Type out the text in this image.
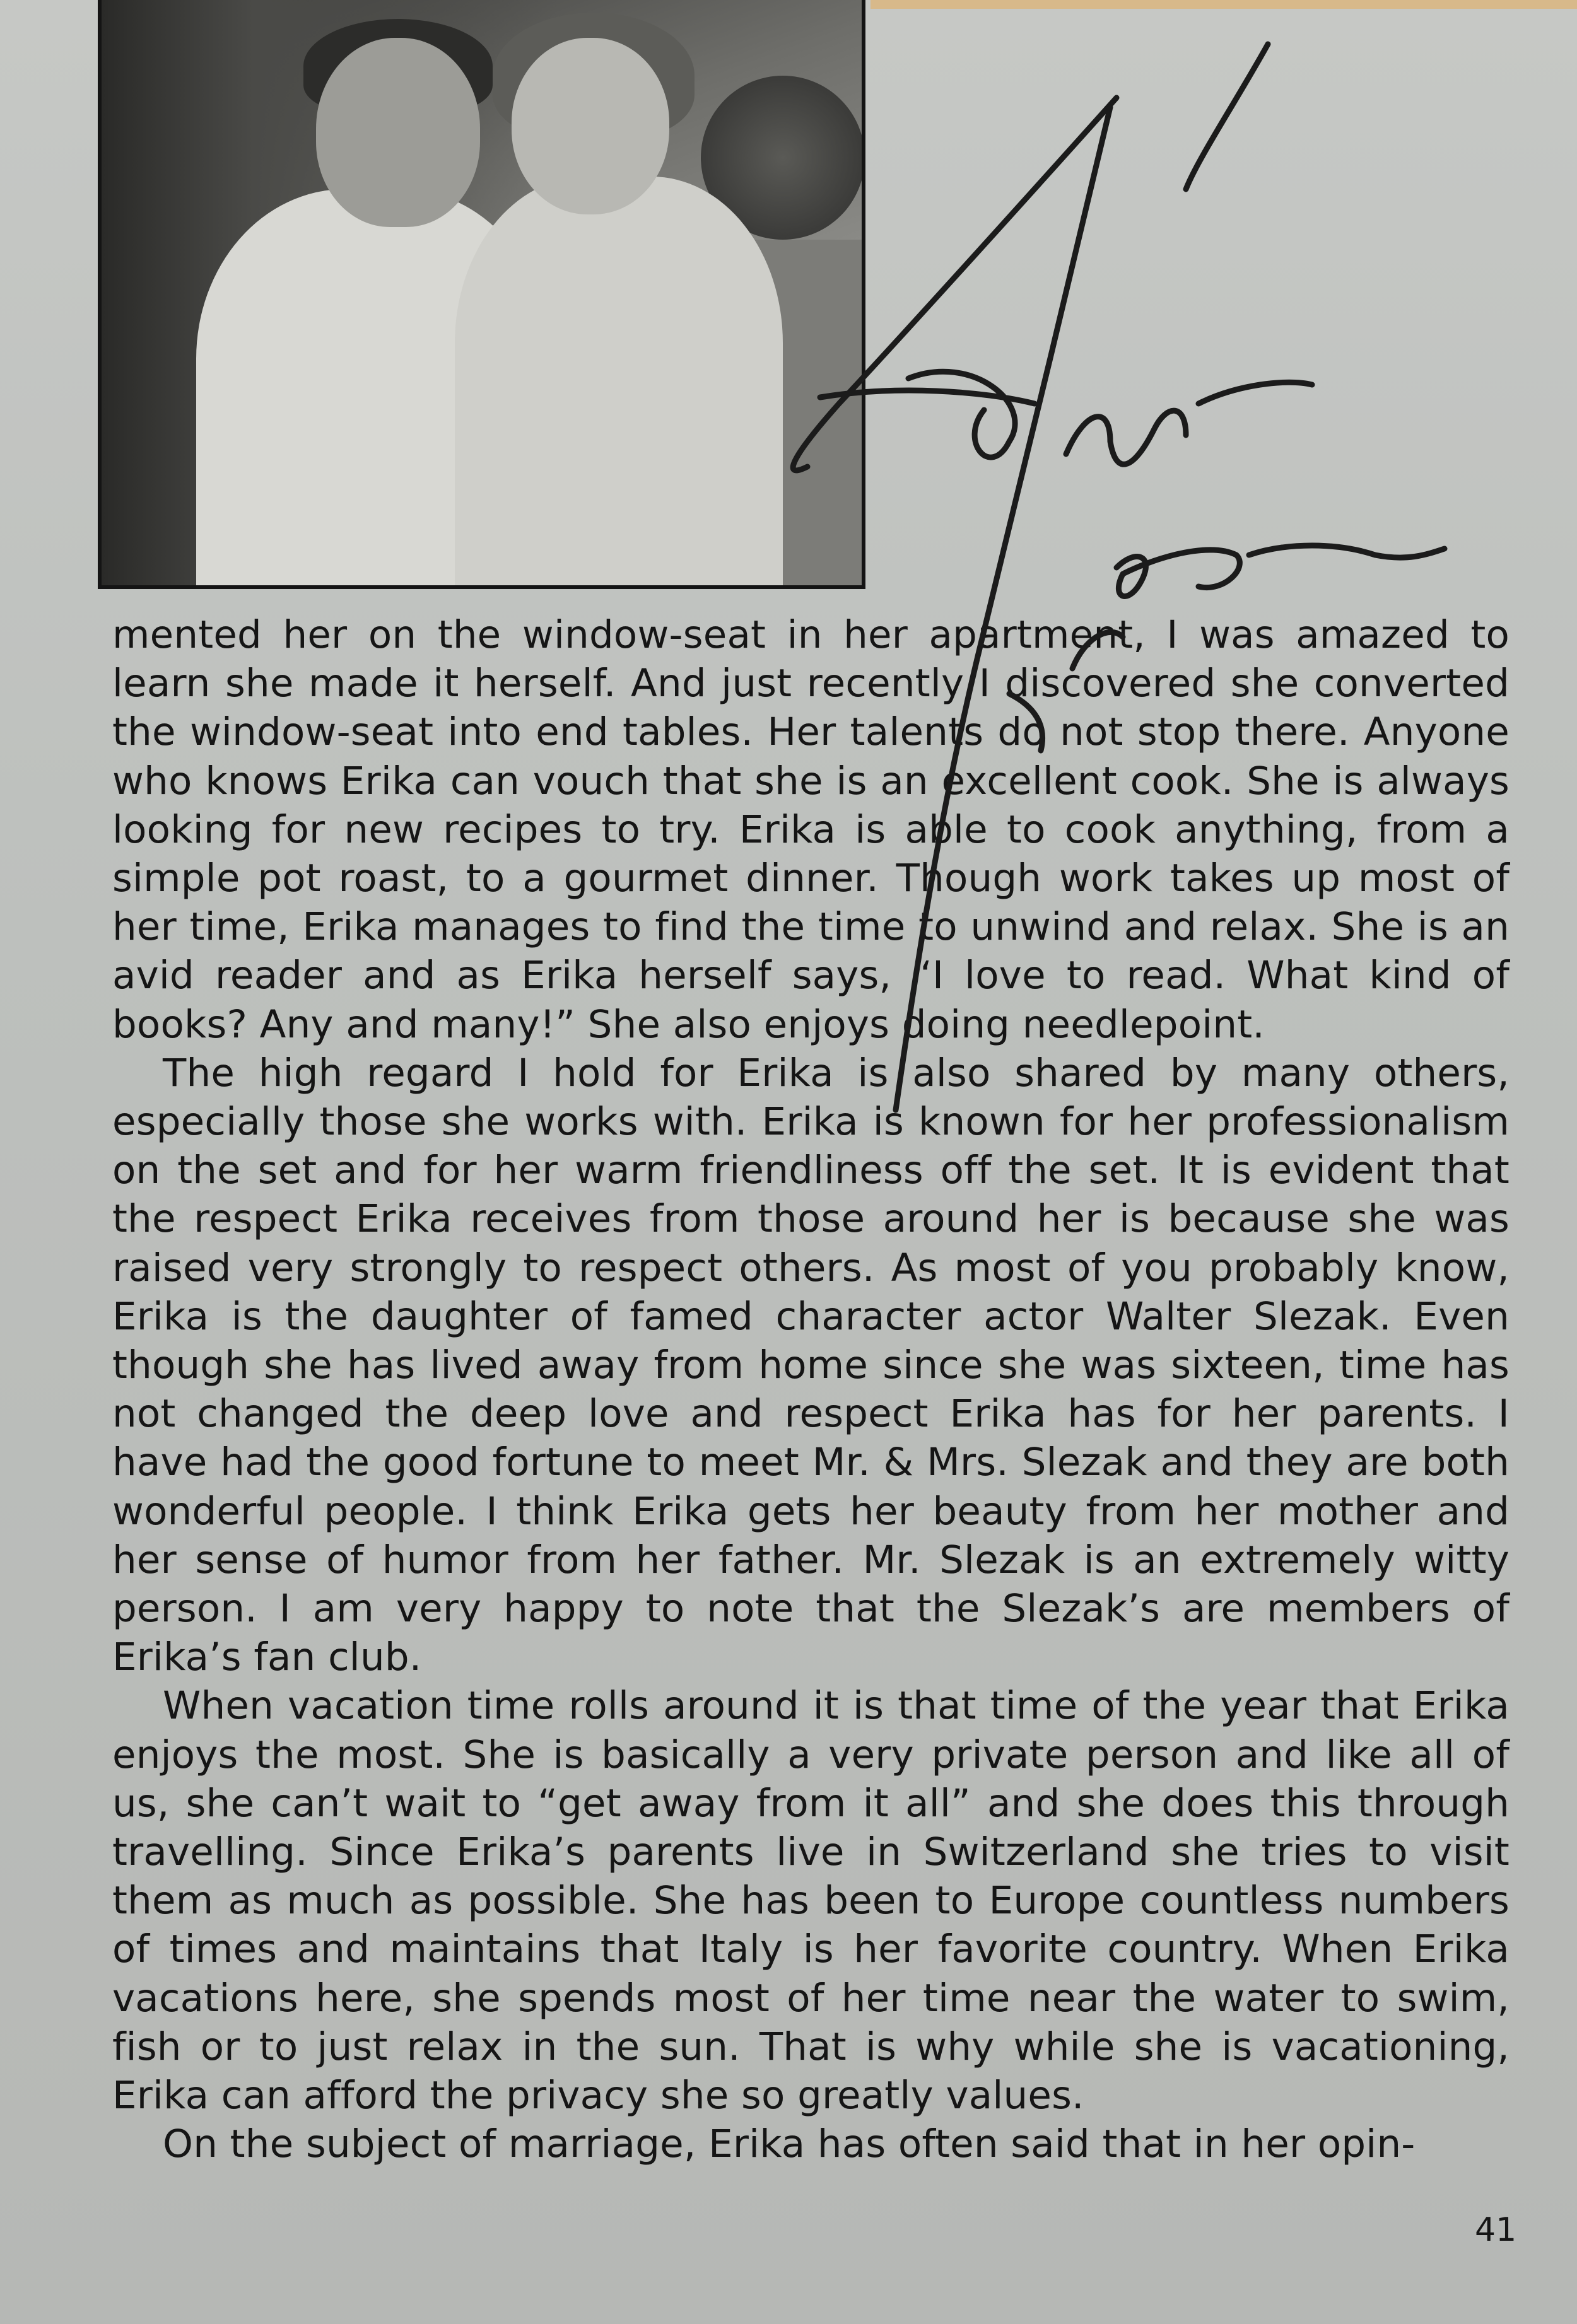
mented her on the window-seat in her apartment, I was amazed to learn she made it herself. And just recently I discovered she converted the window-seat into end tables. Her talents do not stop there. Anyone who knows Erika can vouch that she is an excellent cook. She is always looking for new recipes to try. Erika is able to cook anything, from a simple pot roast, to a gourmet dinner. Though work takes up most of her time, Erika manages to find the time to unwind and relax. She is an avid reader and as Erika herself says, “I love to read. What kind of books? Any and many!” She also enjoys doing needlepoint.

The high regard I hold for Erika is also shared by many others, especially those she works with. Erika is known for her professionalism on the set and for her warm friendliness off the set. It is evident that the respect Erika receives from those around her is because she was raised very strongly to respect others. As most of you probably know, Erika is the daughter of famed character actor Walter Slezak. Even though she has lived away from home since she was sixteen, time has not changed the deep love and respect Erika has for her parents. I have had the good fortune to meet Mr. & Mrs. Slezak and they are both wonderful people. I think Erika gets her beauty from her mother and her sense of humor from her father. Mr. Slezak is an extremely witty person. I am very happy to note that the Slezak’s are members of Erika’s fan club.

When vacation time rolls around it is that time of the year that Erika enjoys the most. She is basically a very private person and like all of us, she can’t wait to “get away from it all” and she does this through travelling. Since Erika’s parents live in Switzerland she tries to visit them as much as possible. She has been to Europe countless numbers of times and maintains that Italy is her favorite country. When Erika vacations here, she spends most of her time near the water to swim, fish or to just relax in the sun. That is why while she is vacationing, Erika can afford the privacy she so greatly values.

On the subject of marriage, Erika has often said that in her opin-

41
